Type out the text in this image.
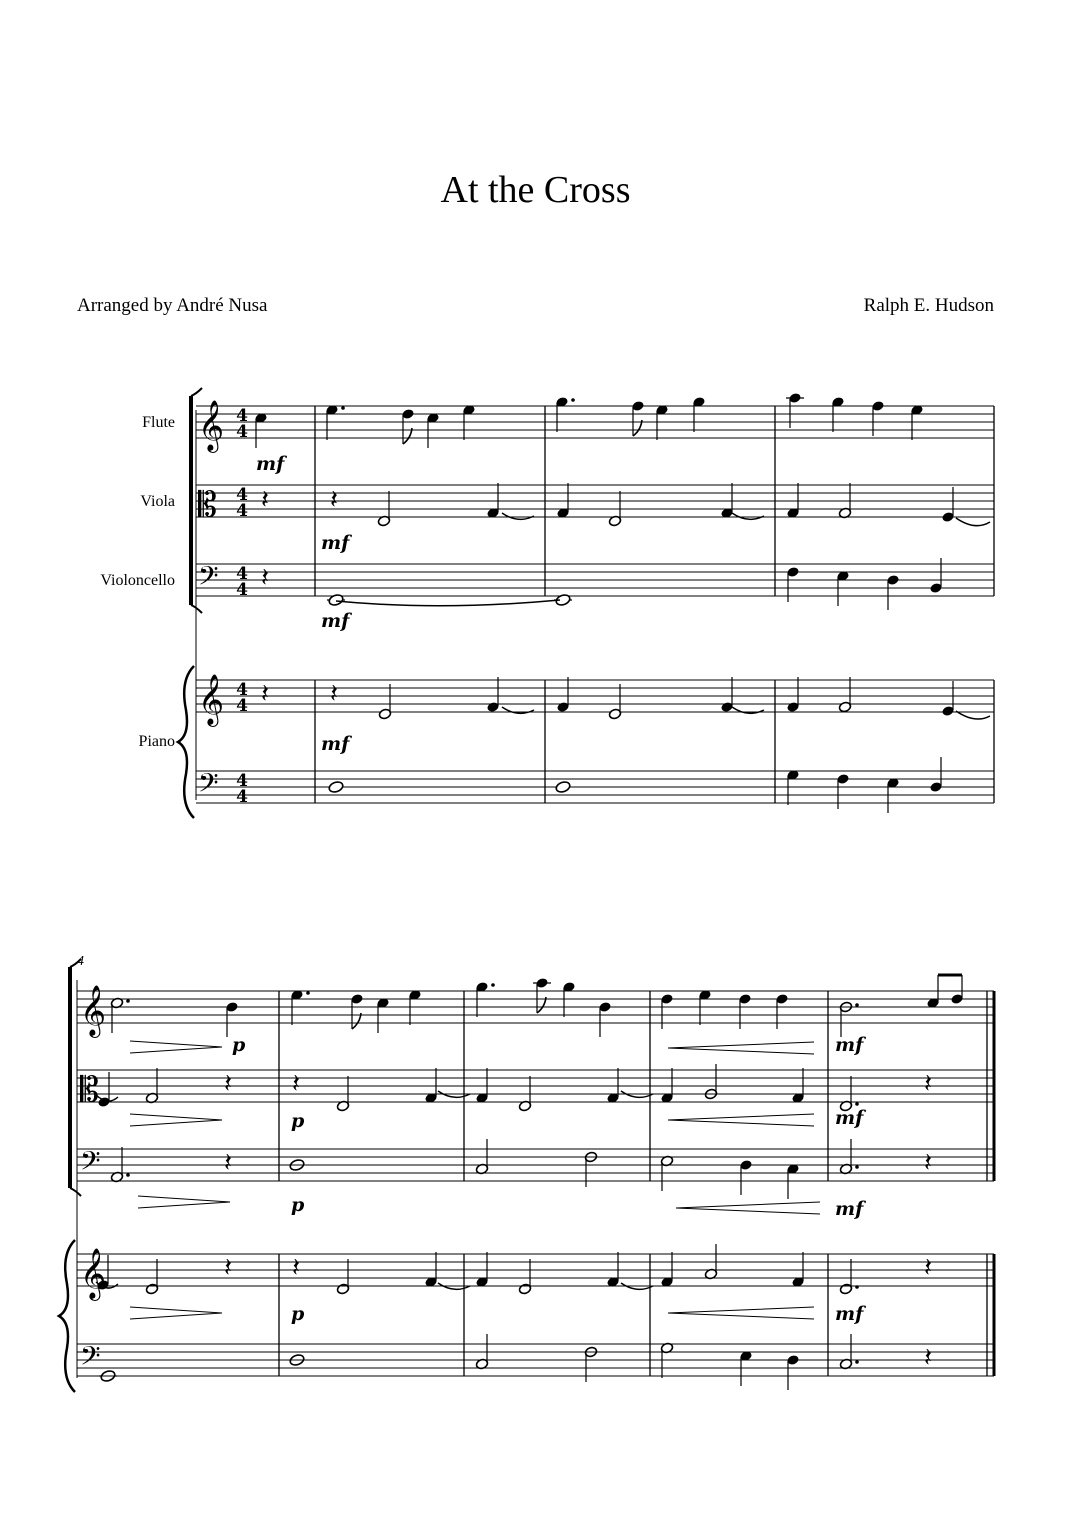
At the Cross
Arranged by André Nusa	Ralph E. Hudson
Flute
Viola
Violoncello
Piano
𝄞
𝄡
𝄢
𝄞
𝄢
4
4
4
4
4
4
4
4
4
4
𝄽 𝄽
𝄽
𝄽 𝄽
𝄽 𝄽	𝄽
𝄽	𝄽
𝄽 𝄽	𝄽
𝄽
4
𝄞
𝄡
𝄢
𝄞
𝄢
mf
mf
mf
mf
p
p
p
p
mf
mf
mf
mf
